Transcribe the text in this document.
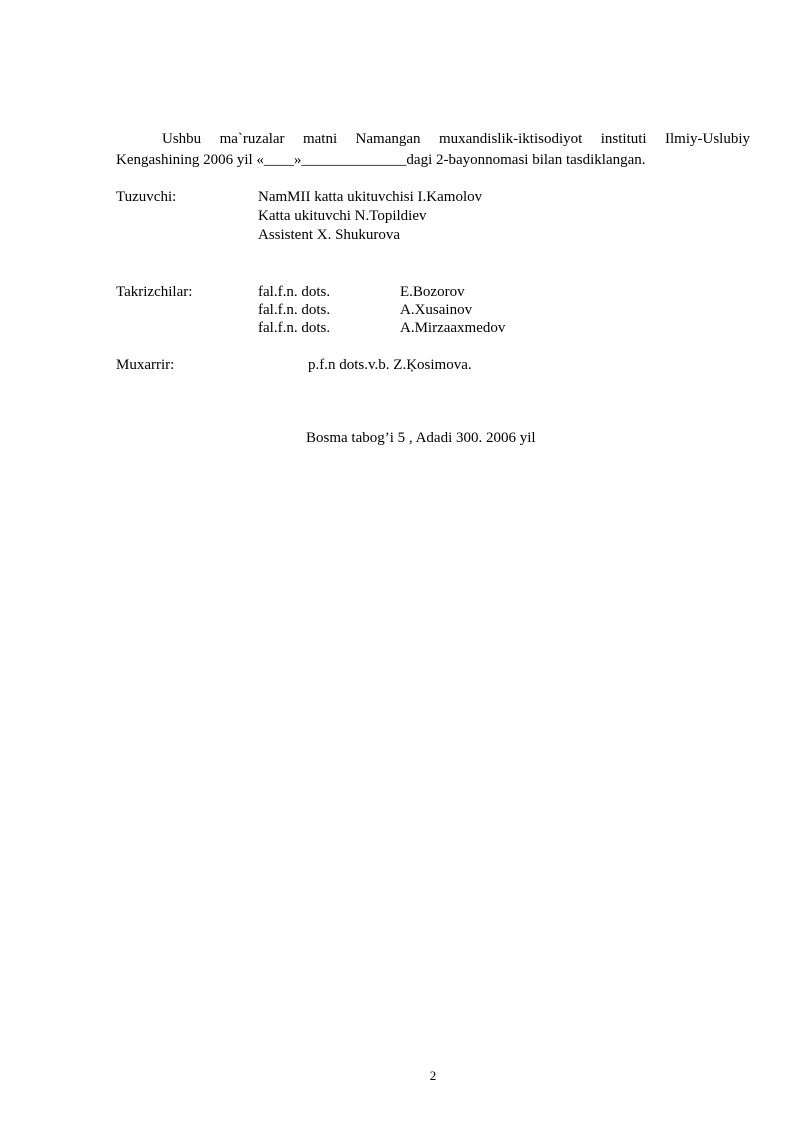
Ushbu ma`ruzalar matni Namangan muxandislik-iktisodiyot instituti Ilmiy-Uslubiy
Kengashining 2006 yil «____»______________dagi 2-bayonnomasi bilan tasdiklangan.
Tuzuvchi:	NamMII katta ukituvchisi I.Kamolov
Katta ukituvchi N.Topildiev
Assistent X. Shukurova
Takrizchilar:	fal.f.n. dots.	E.Bozorov
fal.f.n. dots.	A.Xusainov
fal.f.n. dots.	A.Mirzaaxmedov
Muxarrir:	p.f.n dots.v.b. Z.Ķosimova.
Bosma tabog’i 5 , Adadi 300. 2006 yil
2
